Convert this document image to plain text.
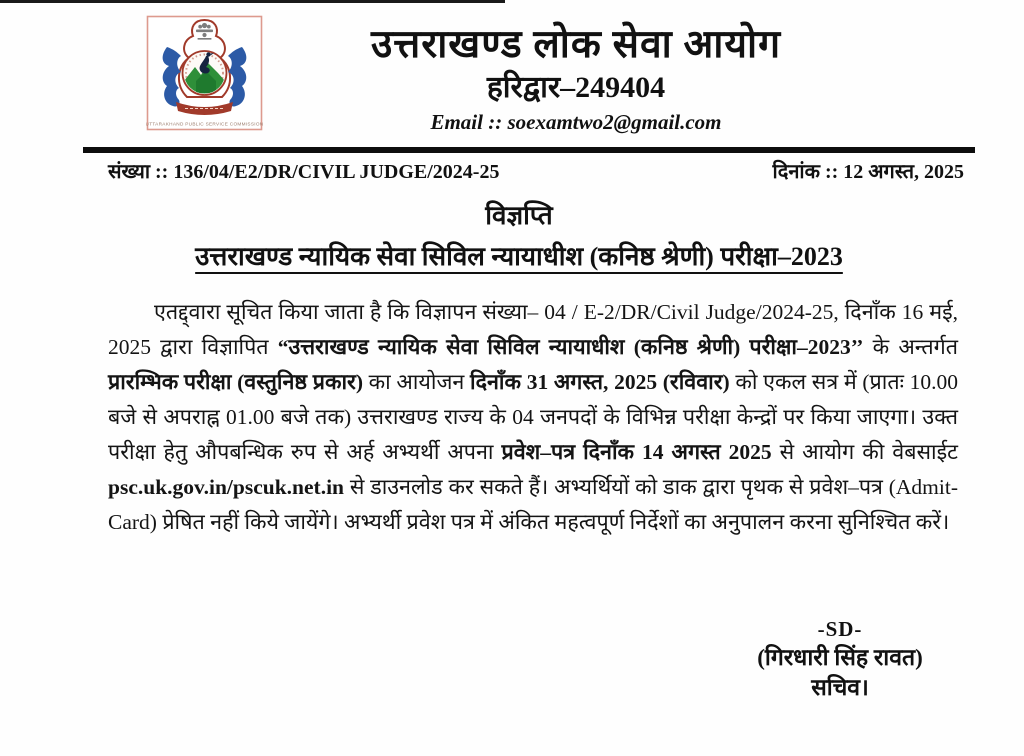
UTTARAKHAND PUBLIC SERVICE COMMISSION
उत्तराखण्ड लोक सेवा आयोग
हरिद्वार–249404
Email :: soexamtwo2@gmail.com
संख्या :: 136/04/E2/DR/CIVIL JUDGE/2024-25	दिनांक :: 12 अगस्त, 2025
विज्ञप्ति
उत्तराखण्ड न्यायिक सेवा सिविल न्यायाधीश (कनिष्ठ श्रेणी) परीक्षा–2023
एतद्द्वारा सूचित किया जाता है कि विज्ञापन संख्या– 04 / E-2/DR/Civil Judge/2024-25, दिनाँक 16 मई, 2025 द्वारा विज्ञापित “उत्तराखण्ड न्यायिक सेवा सिविल न्यायाधीश (कनिष्ठ श्रेणी) परीक्षा–2023’’ के अन्तर्गत प्रारम्भिक परीक्षा (वस्तुनिष्ठ प्रकार) का आयोजन दिनाँक 31 अगस्त, 2025 (रविवार) को एकल सत्र में (प्रातः 10.00 बजे से अपराह्न 01.00 बजे तक) उत्तराखण्ड राज्य के 04 जनपदों के विभिन्न परीक्षा केन्द्रों पर किया जाएगा। उक्त परीक्षा हेतु औपबन्धिक रुप से अर्ह अभ्यर्थी अपना प्रवेश–पत्र दिनाँक 14 अगस्त 2025 से आयोग की वेबसाईट psc.uk.gov.in/pscuk.net.in से डाउनलोड कर सकते हैं। अभ्यर्थियों को डाक द्वारा पृथक से प्रवेश–पत्र (Admit-Card) प्रेषित नहीं किये जायेंगे। अभ्यर्थी प्रवेश पत्र में अंकित महत्वपूर्ण निर्देशों का अनुपालन करना सुनिश्चित करें।
-SD-
(गिरधारी सिंह रावत)
सचिव।
